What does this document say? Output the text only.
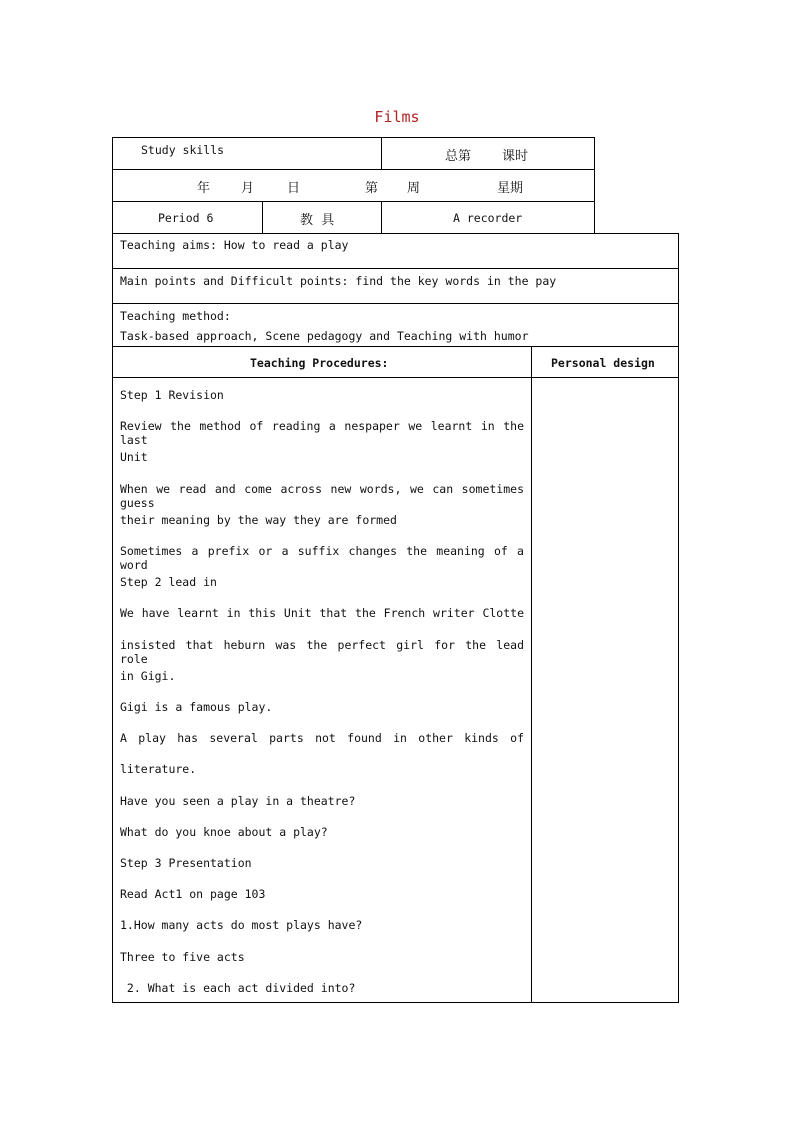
Films
Study skills	总第 课时
年 月	日	第 周	星期
Period 6	教  具	A recorder
Teaching aims: How to read a play
Main points and Difficult points: find the key words in the pay
Teaching method:
Task-based approach, Scene pedagogy and Teaching with humor
Teaching Procedures:	Personal design
Step 1 Revision
Review the method of reading a nespaper we learnt in the last
Unit
When we read and come across new words, we can sometimes guess
their meaning by the way they are formed
Sometimes a prefix or a suffix changes the meaning of a word
Step 2 lead in
We have learnt in this Unit that the French writer Clotte
insisted that heburn was the perfect girl for the lead role
in Gigi.
Gigi is a famous play.
A play has several parts not found in other kinds of
literature.
Have you seen a play in a theatre?
What do you knoe about a play?
Step 3 Presentation
Read Act1 on page 103
1.How many acts do most plays have?
Three to five acts
2. What is each act divided into?
